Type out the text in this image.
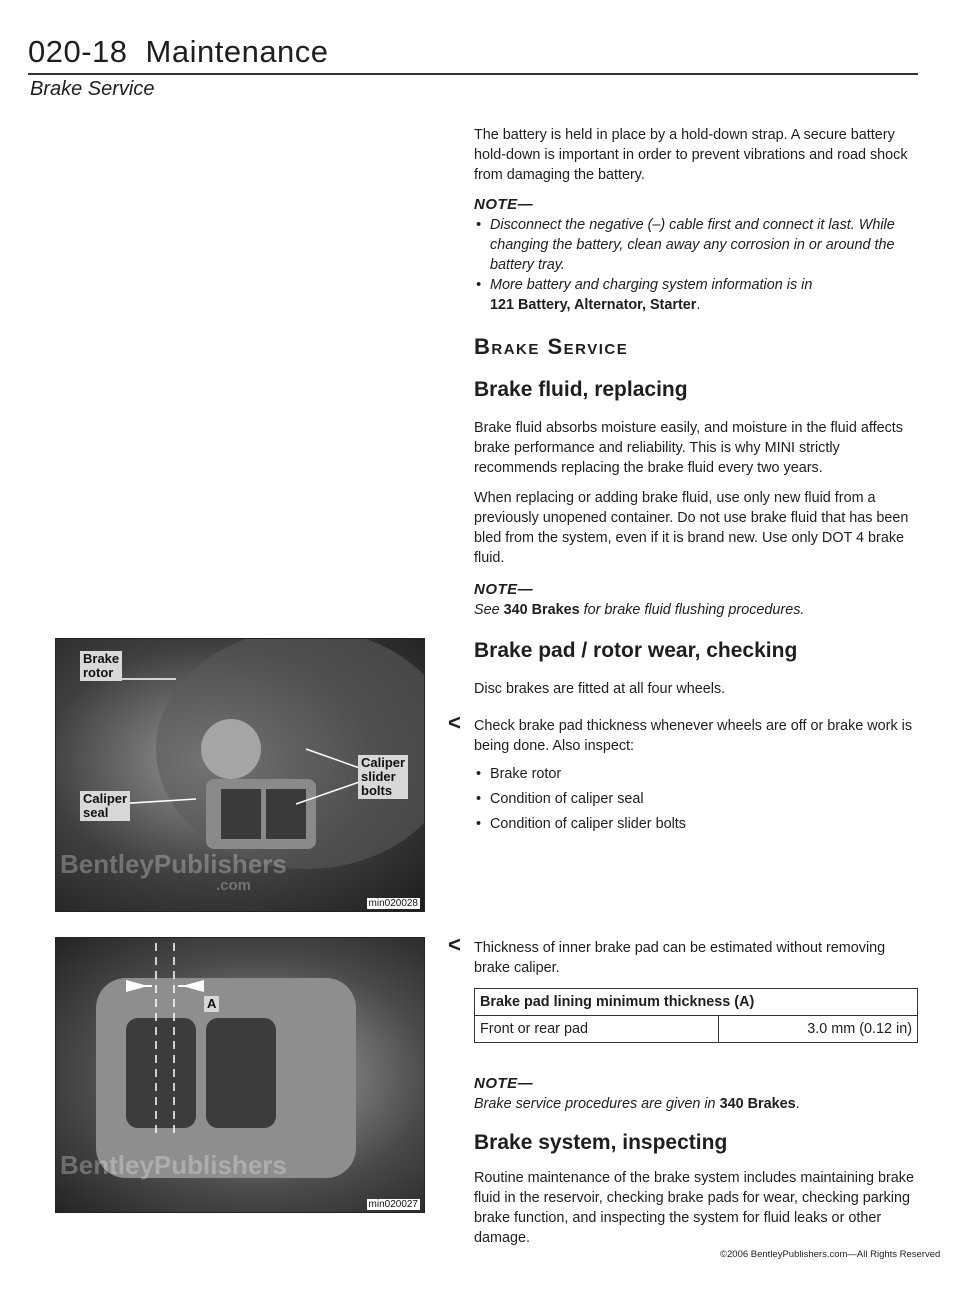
020-18 Maintenance
Brake Service

The battery is held in place by a hold-down strap. A secure battery hold-down is important in order to prevent vibrations and road shock from damaging the battery.

NOTE—
• Disconnect the negative (–) cable first and connect it last. While changing the battery, clean away any corrosion in or around the battery tray.
• More battery and charging system information is in
121 Battery, Alternator, Starter.
Brake Service
Brake fluid, replacing

Brake fluid absorbs moisture easily, and moisture in the fluid affects brake performance and reliability. This is why MINI strictly recommends replacing the brake fluid every two years.

When replacing or adding brake fluid, use only new fluid from a previously unopened container. Do not use brake fluid that has been bled from the system, even if it is brand new. Use only DOT 4 brake fluid.

NOTE—

See 340 Brakes for brake fluid flushing procedures.

Brake pad / rotor wear, checking
Disc brakes are fitted at all four wheels.
< Check brake pad thickness whenever wheels are off or brake work is being done. Also inspect:

• Brake rotor
• Condition of caliper seal
• Condition of caliper slider bolts
< Thickness of inner brake pad can be estimated without removing brake caliper.
Brake pad lining minimum thickness (A)
Front or rear pad	3.0 mm (0.12 in)
NOTE—

Brake service procedures are given in 340 Brakes.

Brake system, inspecting
Routine maintenance of the brake system includes maintaining brake fluid in the reservoir, checking brake pads for wear, checking parking brake function, and inspecting the system for fluid leaks or other damage.
Brake
rotor
Caliper
slider
bolts
Caliper
seal
BentleyPublishers
.com
min020028
A
BentleyPublishers
min020027
©2006 BentleyPublishers.com—All Rights Reserved
